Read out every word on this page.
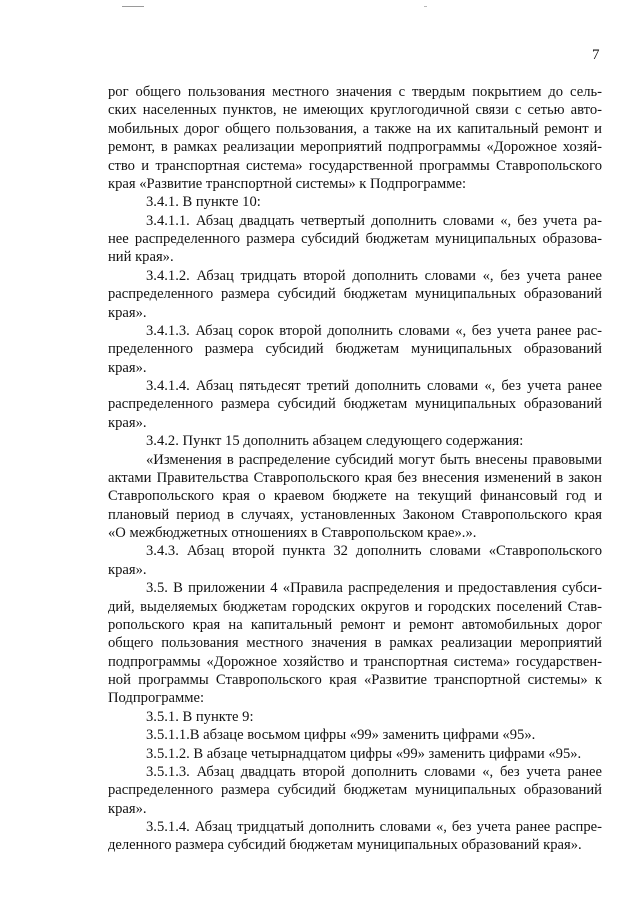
7
рог общего пользования местного значения с твердым покрытием до сель-
ских населенных пунктов, не имеющих круглогодичной связи с сетью авто-
мобильных дорог общего пользования, а также на их капитальный ремонт и
ремонт, в рамках реализации мероприятий подпрограммы «Дорожное хозяй-
ство и транспортная система» государственной программы Ставропольского
края «Развитие транспортной системы» к Подпрограмме:
3.4.1. В пункте 10:
3.4.1.1. Абзац двадцать четвертый дополнить словами «, без учета ра-
нее распределенного размера субсидий бюджетам муниципальных образова-
ний края».
3.4.1.2. Абзац тридцать второй дополнить словами «, без учета ранее
распределенного размера субсидий бюджетам муниципальных образований
края».
3.4.1.3. Абзац сорок второй дополнить словами «, без учета ранее рас-
пределенного размера субсидий бюджетам муниципальных образований
края».
3.4.1.4. Абзац пятьдесят третий дополнить словами «, без учета ранее
распределенного размера субсидий бюджетам муниципальных образований
края».
3.4.2. Пункт 15 дополнить абзацем следующего содержания:
«Изменения в распределение субсидий могут быть внесены правовыми
актами Правительства Ставропольского края без внесения изменений в закон
Ставропольского края о краевом бюджете на текущий финансовый год и
плановый период в случаях, установленных Законом Ставропольского края
«О межбюджетных отношениях в Ставропольском крае».».
3.4.3. Абзац второй пункта 32 дополнить словами «Ставропольского
края».
3.5. В приложении 4 «Правила распределения и предоставления субси-
дий, выделяемых бюджетам городских округов и городских поселений Став-
ропольского края на капитальный ремонт и ремонт автомобильных дорог
общего пользования местного значения в рамках реализации мероприятий
подпрограммы «Дорожное хозяйство и транспортная система» государствен-
ной программы Ставропольского края «Развитие транспортной системы» к
Подпрограмме:
3.5.1. В пункте 9:
3.5.1.1.В абзаце восьмом цифры «99» заменить цифрами «95».
3.5.1.2. В абзаце четырнадцатом цифры «99» заменить цифрами «95».
3.5.1.3. Абзац двадцать второй дополнить словами «, без учета ранее
распределенного размера субсидий бюджетам муниципальных образований
края».
3.5.1.4. Абзац тридцатый дополнить словами «, без учета ранее распре-
деленного размера субсидий бюджетам муниципальных образований края».
